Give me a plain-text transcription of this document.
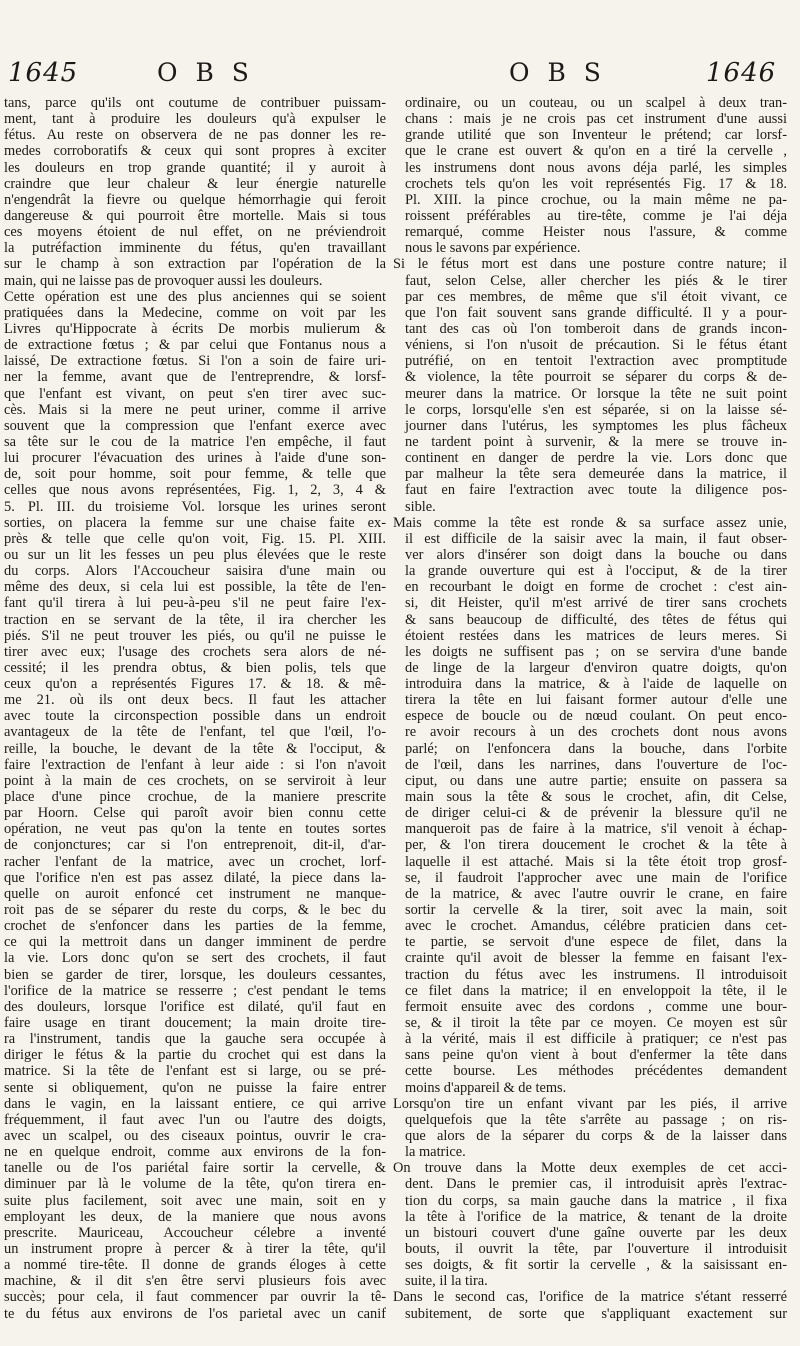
1645	O B S	O B S	1646
tans, parce qu'ils ont coutume de contribuer puissam-
ment, tant à produire les douleurs qu'à expulser le
fétus. Au reste on observera de ne pas donner les re-
medes corroboratifs & ceux qui sont propres à exciter
les douleurs en trop grande quantité; il y auroit à
craindre que leur chaleur & leur énergie naturelle
n'engendrât la fievre ou quelque hémorrhagie qui feroit
dangereuse & qui pourroit être mortelle. Mais si tous
ces moyens étoient de nul effet, on ne préviendroit
la putréfaction imminente du fétus, qu'en travaillant
sur le champ à son extraction par l'opération de la
main, qui ne laisse pas de provoquer aussi les douleurs.
Cette opération est une des plus anciennes qui se soient
pratiquées dans la Medecine, comme on voit par les
Livres qu'Hippocrate à écrits De morbis mulierum &
de extractione fœtus ; & par celui que Fontanus nous a
laissé, De extractione fœtus. Si l'on a soin de faire uri-
ner la femme, avant que de l'entreprendre, & lorsf-
que l'enfant est vivant, on peut s'en tirer avec suc-
cès. Mais si la mere ne peut uriner, comme il arrive
souvent que la compression que l'enfant exerce avec
sa tête sur le cou de la matrice l'en empêche, il faut
lui procurer l'évacuation des urines à l'aide d'une son-
de, soit pour homme, soit pour femme, & telle que
celles que nous avons représentées, Fig. 1, 2, 3, 4 &
5. Pl. III. du troisieme Vol. lorsque les urines seront
sorties, on placera la femme sur une chaise faite ex-
près & telle que celle qu'on voit, Fig. 15. Pl. XIII.
ou sur un lit les fesses un peu plus élevées que le reste
du corps. Alors l'Accoucheur saisira d'une main ou
même des deux, si cela lui est possible, la tête de l'en-
fant qu'il tirera à lui peu-à-peu s'il ne peut faire l'ex-
traction en se servant de la tête, il ira chercher les
piés. S'il ne peut trouver les piés, ou qu'il ne puisse le
tirer avec eux; l'usage des crochets sera alors de né-
cessité; il les prendra obtus, & bien polis, tels que
ceux qu'on a représentés Figures 17. & 18. & mê-
me 21. où ils ont deux becs. Il faut les attacher
avec toute la circonspection possible dans un endroit
avantageux de la tête de l'enfant, tel que l'œil, l'o-
reille, la bouche, le devant de la tête & l'occiput, &
faire l'extraction de l'enfant à leur aide : si l'on n'avoit
point à la main de ces crochets, on se serviroit à leur
place d'une pince crochue, de la maniere prescrite
par Hoorn. Celse qui paroît avoir bien connu cette
opération, ne veut pas qu'on la tente en toutes sortes
de conjonctures; car si l'on entreprenoit, dit-il, d'ar-
racher l'enfant de la matrice, avec un crochet, lorf-
que l'orifice n'en est pas assez dilaté, la piece dans la-
quelle on auroit enfoncé cet instrument ne manque-
roit pas de se séparer du reste du corps, & le bec du
crochet de s'enfoncer dans les parties de la femme,
ce qui la mettroit dans un danger imminent de perdre
la vie. Lors donc qu'on se sert des crochets, il faut
bien se garder de tirer, lorsque, les douleurs cessantes,
l'orifice de la matrice se resserre ; c'est pendant le tems
des douleurs, lorsque l'orifice est dilaté, qu'il faut en
faire usage en tirant doucement; la main droite tire-
ra l'instrument, tandis que la gauche sera occupée à
diriger le fétus & la partie du crochet qui est dans la
matrice. Si la tête de l'enfant est si large, ou se pré-
sente si obliquement, qu'on ne puisse la faire entrer
dans le vagin, en la laissant entiere, ce qui arrive
fréquemment, il faut avec l'un ou l'autre des doigts,
avec un scalpel, ou des ciseaux pointus, ouvrir le cra-
ne en quelque endroit, comme aux environs de la fon-
tanelle ou de l'os pariétal faire sortir la cervelle, &
diminuer par là le volume de la tête, qu'on tirera en-
suite plus facilement, soit avec une main, soit en y
employant les deux, de la maniere que nous avons
prescrite. Mauriceau, Accoucheur célebre a inventé
un instrument propre à percer & à tirer la tête, qu'il
a nommé tire-tête. Il donne de grands éloges à cette
machine, & il dit s'en être servi plusieurs fois avec
succès; pour cela, il faut commencer par ouvrir la tê-
te du fétus aux environs de l'os parietal avec un canif
ordinaire, ou un couteau, ou un scalpel à deux tran-
chans : mais je ne crois pas cet instrument d'une aussi
grande utilité que son Inventeur le prétend; car lorsf-
que le crane est ouvert & qu'on en a tiré la cervelle ,
les instrumens dont nous avons déja parlé, les simples
crochets tels qu'on les voit représentés Fig. 17 & 18.
Pl. XIII. la pince crochue, ou la main même ne pa-
roissent préférables au tire-tête, comme je l'ai déja
remarqué, comme Heister nous l'assure, & comme
nous le savons par expérience.
Si le fétus mort est dans une posture contre nature; il
faut, selon Celse, aller chercher les piés & le tirer
par ces membres, de même que s'il étoit vivant, ce
que l'on fait souvent sans grande difficulté. Il y a pour-
tant des cas où l'on tomberoit dans de grands incon-
véniens, si l'on n'usoit de précaution. Si le fétus étant
putréfié, on en tentoit l'extraction avec promptitude
& violence, la tête pourroit se séparer du corps & de-
meurer dans la matrice. Or lorsque la tête ne suit point
le corps, lorsqu'elle s'en est séparée, si on la laisse sé-
journer dans l'utérus, les symptomes les plus fâcheux
ne tardent point à survenir, & la mere se trouve in-
continent en danger de perdre la vie. Lors donc que
par malheur la tête sera demeurée dans la matrice, il
faut en faire l'extraction avec toute la diligence pos-
sible.
Mais comme la tête est ronde & sa surface assez unie,
il est difficile de la saisir avec la main, il faut obser-
ver alors d'insérer son doigt dans la bouche ou dans
la grande ouverture qui est à l'occiput, & de la tirer
en recourbant le doigt en forme de crochet : c'est ain-
si, dit Heister, qu'il m'est arrivé de tirer sans crochets
& sans beaucoup de difficulté, des têtes de fétus qui
étoient restées dans les matrices de leurs meres. Si
les doigts ne suffisent pas ; on se servira d'une bande
de linge de la largeur d'environ quatre doigts, qu'on
introduira dans la matrice, & à l'aide de laquelle on
tirera la tête en lui faisant former autour d'elle une
espece de boucle ou de nœud coulant. On peut enco-
re avoir recours à un des crochets dont nous avons
parlé; on l'enfoncera dans la bouche, dans l'orbite
de l'œil, dans les narrines, dans l'ouverture de l'oc-
ciput, ou dans une autre partie; ensuite on passera sa
main sous la tête & sous le crochet, afin, dit Celse,
de diriger celui-ci & de prévenir la blessure qu'il ne
manqueroit pas de faire à la matrice, s'il venoit à échap-
per, & l'on tirera doucement le crochet & la tête à
laquelle il est attaché. Mais si la tête étoit trop grosf-
se, il faudroit l'approcher avec une main de l'orifice
de la matrice, & avec l'autre ouvrir le crane, en faire
sortir la cervelle & la tirer, soit avec la main, soit
avec le crochet. Amandus, célébre praticien dans cet-
te partie, se servoit d'une espece de filet, dans la
crainte qu'il avoit de blesser la femme en faisant l'ex-
traction du fétus avec les instrumens. Il introduisoit
ce filet dans la matrice; il en enveloppoit la tête, il le
fermoit ensuite avec des cordons , comme une bour-
se, & il tiroit la tête par ce moyen. Ce moyen est sûr
à la vérité, mais il est difficile à pratiquer; ce n'est pas
sans peine qu'on vient à bout d'enfermer la tête dans
cette bourse. Les méthodes précédentes demandent
moins d'appareil & de tems.
Lorsqu'on tire un enfant vivant par les piés, il arrive
quelquefois que la tête s'arrête au passage ; on ris-
que alors de la séparer du corps & de la laisser dans
la matrice.
On trouve dans la Motte deux exemples de cet acci-
dent. Dans le premier cas, il introduisit après l'extrac-
tion du corps, sa main gauche dans la matrice , il fixa
la tête à l'orifice de la matrice, & tenant de la droite
un bistouri couvert d'une gaîne ouverte par les deux
bouts, il ouvrit la tête, par l'ouverture il introduisit
ses doigts, & fit sortir la cervelle , & la saisissant en-
suite, il la tira.
Dans le second cas, l'orifice de la matrice s'étant resserré
subitement, de sorte que s'appliquant exactement sur
